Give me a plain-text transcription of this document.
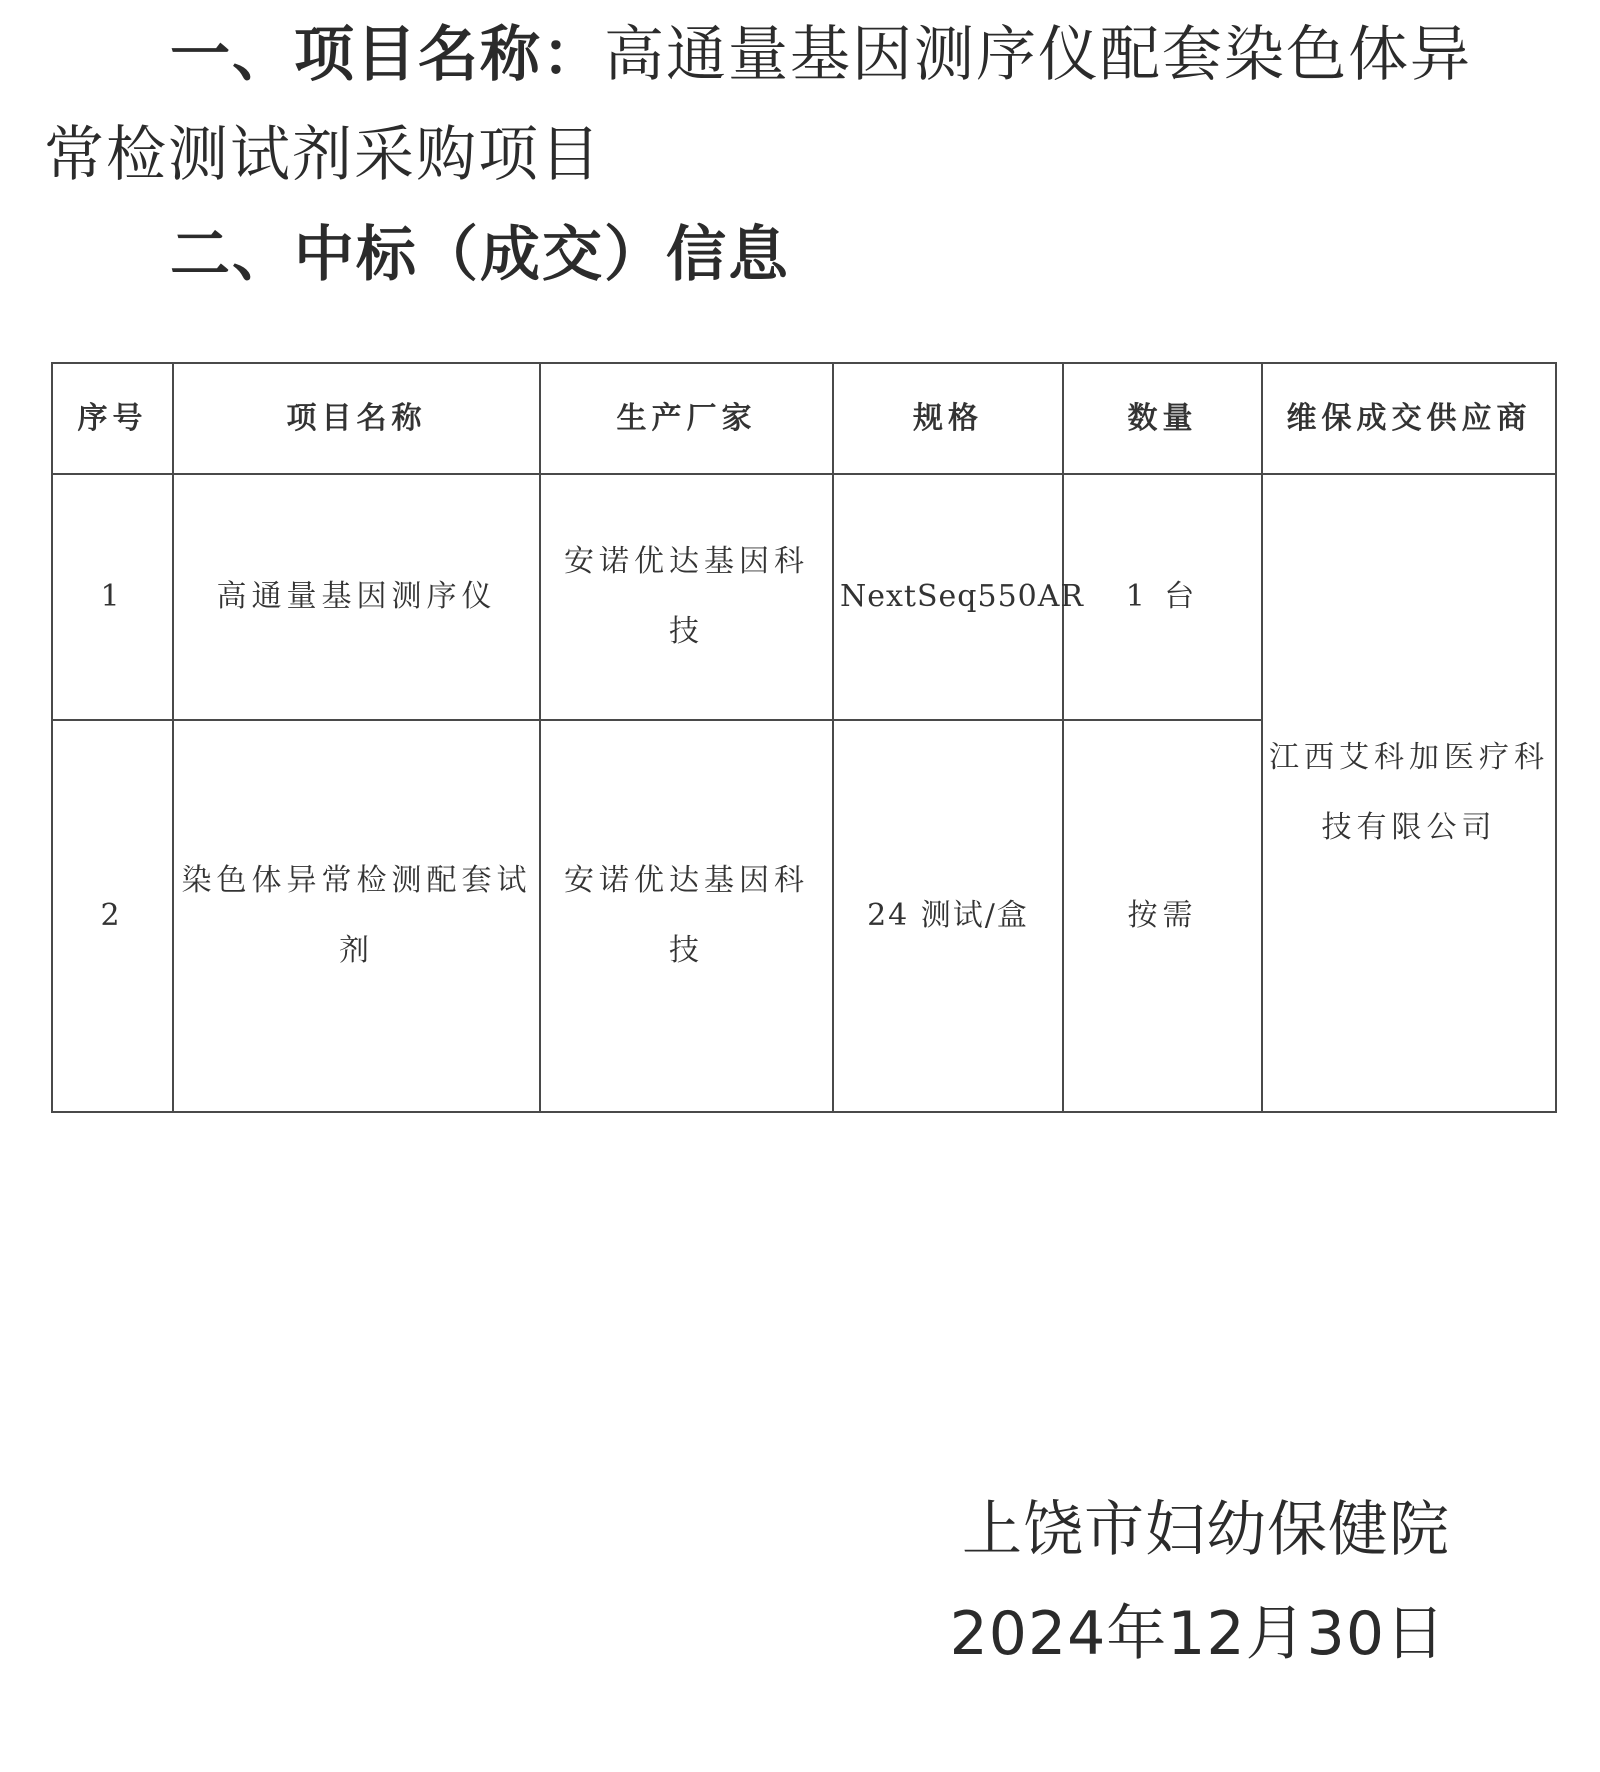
一、项目名称：高通量基因测序仪配套染色体异
常检测试剂采购项目
二、中标（成交）信息
序号	项目名称	生产厂家	规格	数量	维保成交供应商
1	高通量基因测序仪	安诺优达基因科技	NextSeq550AR	1 台	江西艾科加医疗科技有限公司
2	染色体异常检测配套试剂	安诺优达基因科技	24 测试/盒	按需	
上饶市妇幼保健院
2024年12月30日
